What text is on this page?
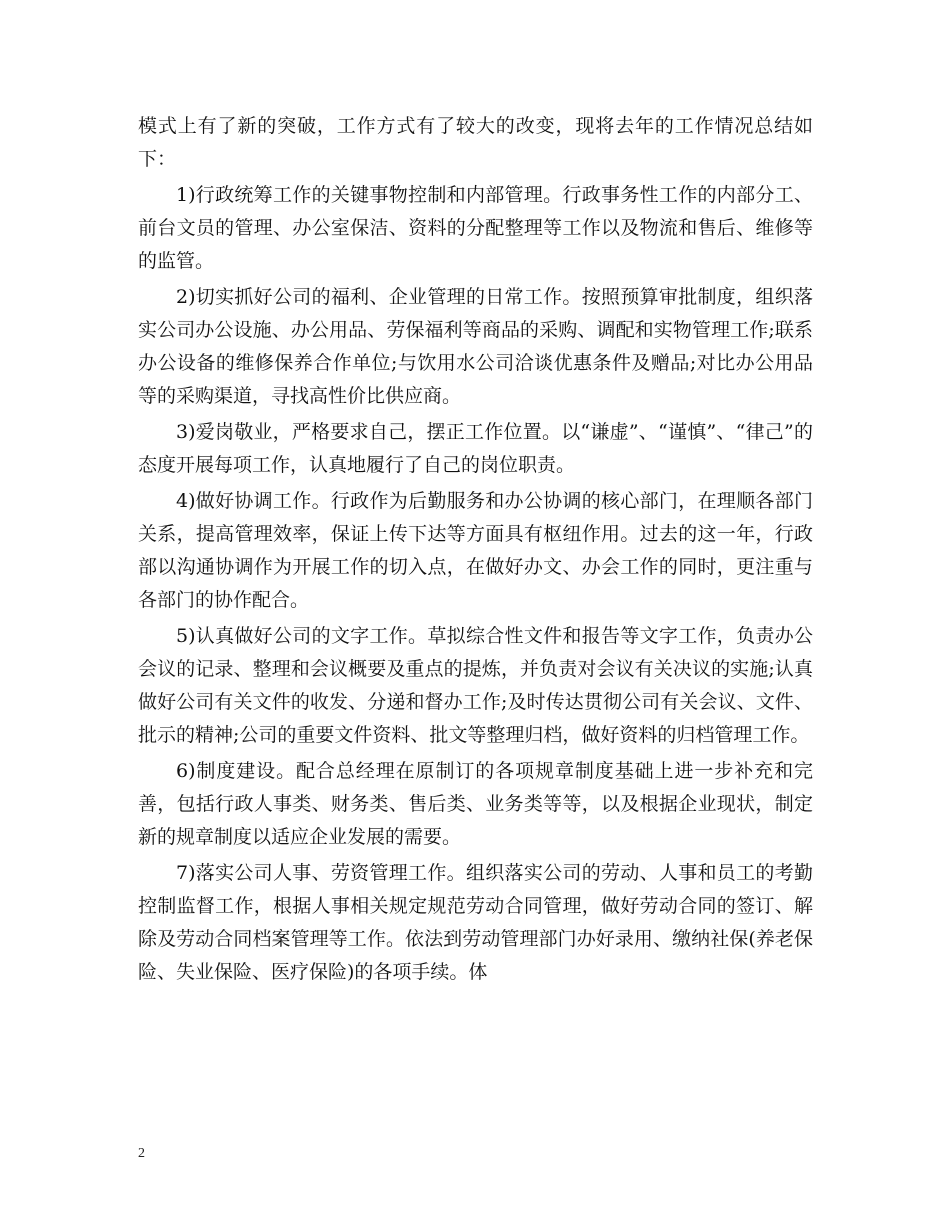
模式上有了新的突破，工作方式有了较大的改变，现将去年的工作情况总结如下：

1)行政统筹工作的关键事物控制和内部管理。行政事务性工作的内部分工、前台文员的管理、办公室保洁、资料的分配整理等工作以及物流和售后、维修等的监管。

2)切实抓好公司的福利、企业管理的日常工作。按照预算审批制度，组织落实公司办公设施、办公用品、劳保福利等商品的采购、调配和实物管理工作;联系办公设备的维修保养合作单位;与饮用水公司洽谈优惠条件及赠品;对比办公用品等的采购渠道，寻找高性价比供应商。

3)爱岗敬业，严格要求自己，摆正工作位置。以“谦虚”、“谨慎”、“律己”的态度开展每项工作，认真地履行了自己的岗位职责。

4)做好协调工作。行政作为后勤服务和办公协调的核心部门，在理顺各部门关系，提高管理效率，保证上传下达等方面具有枢纽作用。过去的这一年，行政部以沟通协调作为开展工作的切入点，在做好办文、办会工作的同时，更注重与各部门的协作配合。

5)认真做好公司的文字工作。草拟综合性文件和报告等文字工作，负责办公会议的记录、整理和会议概要及重点的提炼，并负责对会议有关决议的实施;认真做好公司有关文件的收发、分递和督办工作;及时传达贯彻公司有关会议、文件、批示的精神;公司的重要文件资料、批文等整理归档，做好资料的归档管理工作。

6)制度建设。配合总经理在原制订的各项规章制度基础上进一步补充和完善，包括行政人事类、财务类、售后类、业务类等等，以及根据企业现状，制定新的规章制度以适应企业发展的需要。

7)落实公司人事、劳资管理工作。组织落实公司的劳动、人事和员工的考勤控制监督工作，根据人事相关规定规范劳动合同管理，做好劳动合同的签订、解除及劳动合同档案管理等工作。依法到劳动管理部门办好录用、缴纳社保(养老保险、失业保险、医疗保险)的各项手续。体

2
